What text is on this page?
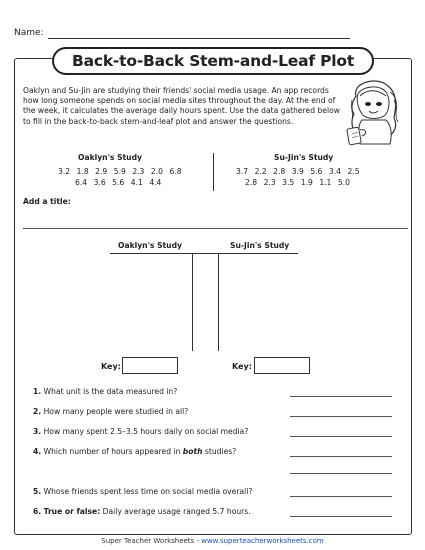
Name:
Back-to-Back Stem-and-Leaf Plot
Oaklyn and Su-Jin are studying their friends' social media usage. An app records how long someone spends on social media sites throughout the day. At the end of the week, it calculates the average daily hours spent. Use the data gathered below to fill in the back-to-back stem-and-leaf plot and answer the questions.
Oaklyn's Study	Su-Jin's Study
3.2 1.8 2.9 5.9 2.3 2.0 6.8
6.4 3.6 5.6 4.1 4.4
3.7 2.2 2.8 3.9 5.6 3.4 2.5
2.8 2.3 3.5 1.9 1.1 5.0
Add a title:
Oaklyn's Study	Su-Jin's Study
Key:	Key:
1. What unit is the data measured in?
2. How many people were studied in all?
3. How many spent 2.5–3.5 hours daily on social media?
4. Which number of hours appeared in both studies?
5. Whose friends spent less time on social media overall?
6. True or false: Daily average usage ranged 5.7 hours.
Super Teacher Worksheets - www.superteacherworksheets.com
